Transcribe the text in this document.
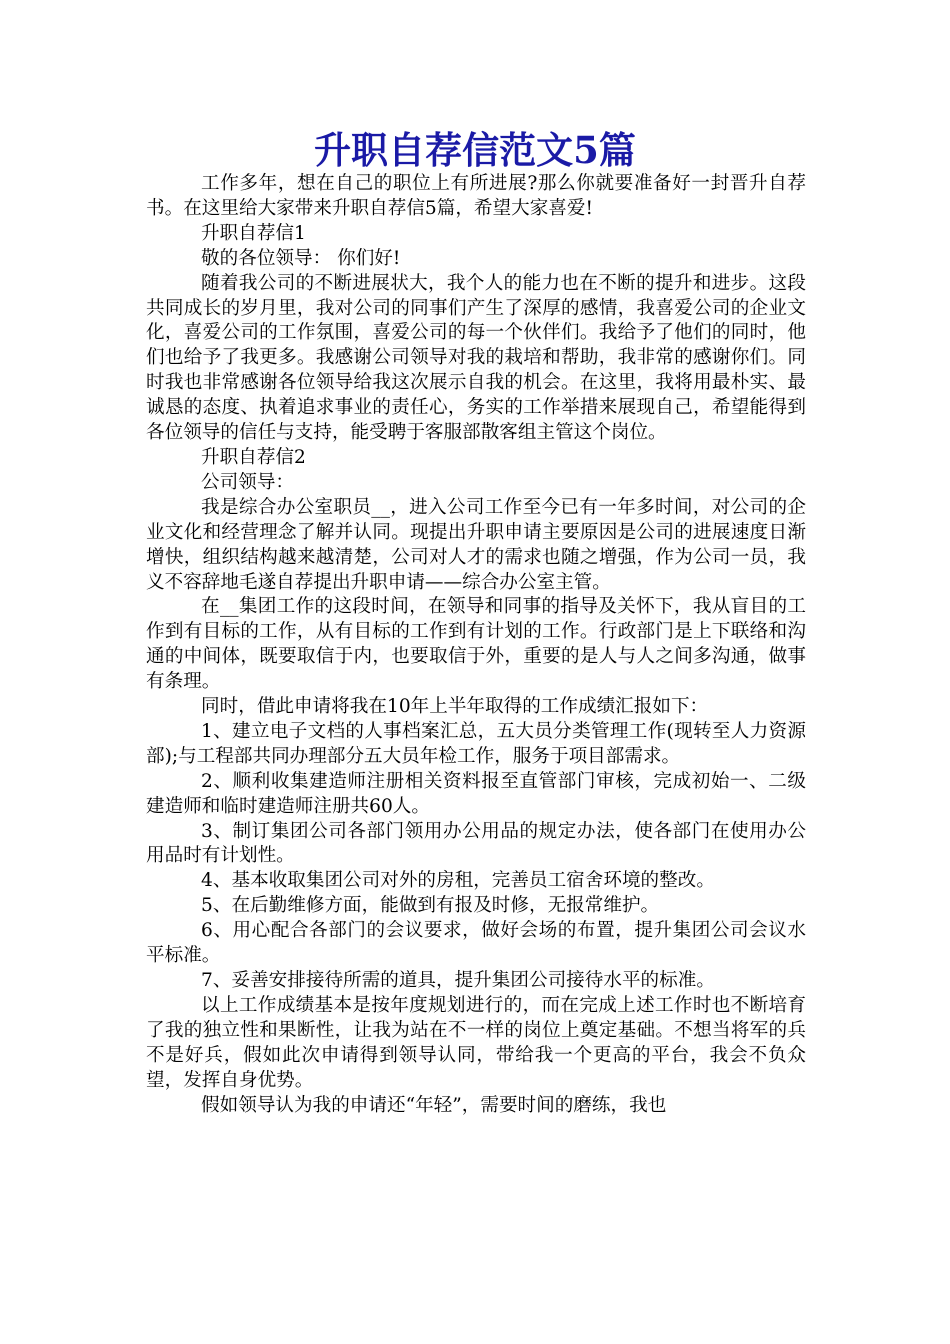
升职自荐信范文5篇

工作多年，想在自己的职位上有所进展?那么你就要准备好一封晋升自荐书。在这里给大家带来升职自荐信5篇，希望大家喜爱!

升职自荐信1

敬的各位领导： 你们好!

随着我公司的不断进展状大，我个人的能力也在不断的提升和进步。这段共同成长的岁月里，我对公司的同事们产生了深厚的感情，我喜爱公司的企业文化，喜爱公司的工作氛围，喜爱公司的每一个伙伴们。我给予了他们的同时，他们也给予了我更多。我感谢公司领导对我的栽培和帮助，我非常的感谢你们。同时我也非常感谢各位领导给我这次展示自我的机会。在这里，我将用最朴实、最诚恳的态度、执着追求事业的责任心，务实的工作举措来展现自己，希望能得到各位领导的信任与支持，能受聘于客服部散客组主管这个岗位。

升职自荐信2

公司领导：

我是综合办公室职员__，进入公司工作至今已有一年多时间，对公司的企业文化和经营理念了解并认同。现提出升职申请主要原因是公司的进展速度日渐增快，组织结构越来越清楚，公司对人才的需求也随之增强，作为公司一员，我义不容辞地毛遂自荐提出升职申请——综合办公室主管。

在__集团工作的这段时间，在领导和同事的指导及关怀下，我从盲目的工作到有目标的工作，从有目标的工作到有计划的工作。行政部门是上下联络和沟通的中间体，既要取信于内，也要取信于外，重要的是人与人之间多沟通，做事有条理。

同时，借此申请将我在10年上半年取得的工作成绩汇报如下：

1、建立电子文档的人事档案汇总，五大员分类管理工作(现转至人力资源部);与工程部共同办理部分五大员年检工作，服务于项目部需求。

2、顺利收集建造师注册相关资料报至直管部门审核，完成初始一、二级建造师和临时建造师注册共60人。

3、制订集团公司各部门领用办公用品的规定办法，使各部门在使用办公用品时有计划性。

4、基本收取集团公司对外的房租，完善员工宿舍环境的整改。

5、在后勤维修方面，能做到有报及时修，无报常维护。

6、用心配合各部门的会议要求，做好会场的布置，提升集团公司会议水平标准。

7、妥善安排接待所需的道具，提升集团公司接待水平的标准。

以上工作成绩基本是按年度规划进行的，而在完成上述工作时也不断培育了我的独立性和果断性，让我为站在不一样的岗位上奠定基础。不想当将军的兵不是好兵，假如此次申请得到领导认同，带给我一个更高的平台，我会不负众望，发挥自身优势。

假如领导认为我的申请还“年轻”，需要时间的磨练，我也
